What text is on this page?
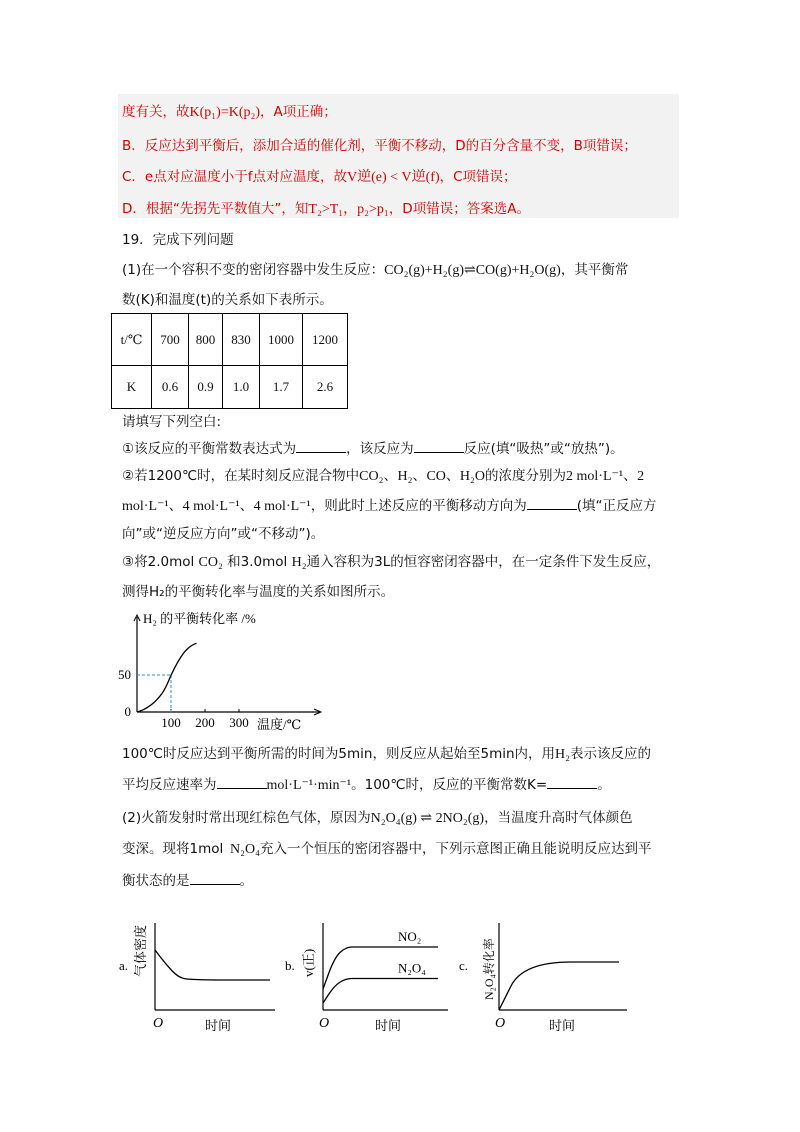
度有关，故K(p₁)=K(p₂)，A项正确；
B．反应达到平衡后，添加合适的催化剂，平衡不移动，D的百分含量不变，B项错误；
C．e点对应温度小于f点对应温度，故V逆(e) < V逆(f)，C项错误；
D．根据“先拐先平数值大”，知T₂>T₁，p₂>p₁，D项错误；答案选A。
19．完成下列问题
(1)在一个容积不变的密闭容器中发生反应：CO₂(g)+H₂(g)⇌CO(g)+H₂O(g)，其平衡常
数(K)和温度(t)的关系如下表所示。
t/℃	700	800	830	1000	1200
K	0.6	0.9	1.0	1.7	2.6
请填写下列空白:
①该反应的平衡常数表达式为	，该反应为	反应(填“吸热”或“放热”)。
②若1200℃时，在某时刻反应混合物中CO₂、H₂、CO、H₂O的浓度分别为2 mol·L⁻¹、2
mol·L⁻¹、4 mol·L⁻¹、4 mol·L⁻¹，则此时上述反应的平衡移动方向为	(填“正反应方
向”或“逆反应方向”或“不移动”)。
③将2.0mol CO₂ 和3.0mol H₂通入容积为3L的恒容密闭容器中，在一定条件下发生反应，
测得H₂的平衡转化率与温度的关系如图所示。
H₂ 的平衡转化率 /%
0
50
100 200 300 温度/℃
100℃时反应达到平衡所需的时间为5min，则反应从起始至5min内，用H₂表示该反应的
平均反应速率为	mol·L⁻¹·min⁻¹。100℃时，反应的平衡常数K=	。
(2)火箭发射时常出现红棕色气体，原因为N₂O₄(g) ⇌ 2NO₂(g)，当温度升高时气体颜色
变深。现将1mol N₂O₄充入一个恒压的密闭容器中，下列示意图正确且能说明反应达到平
衡状态的是	。
a. 气体密度
O	时间
b. v(正)
NO₂
N₂O₄
O	时间
c. N₂O₄转化率
O	时间
